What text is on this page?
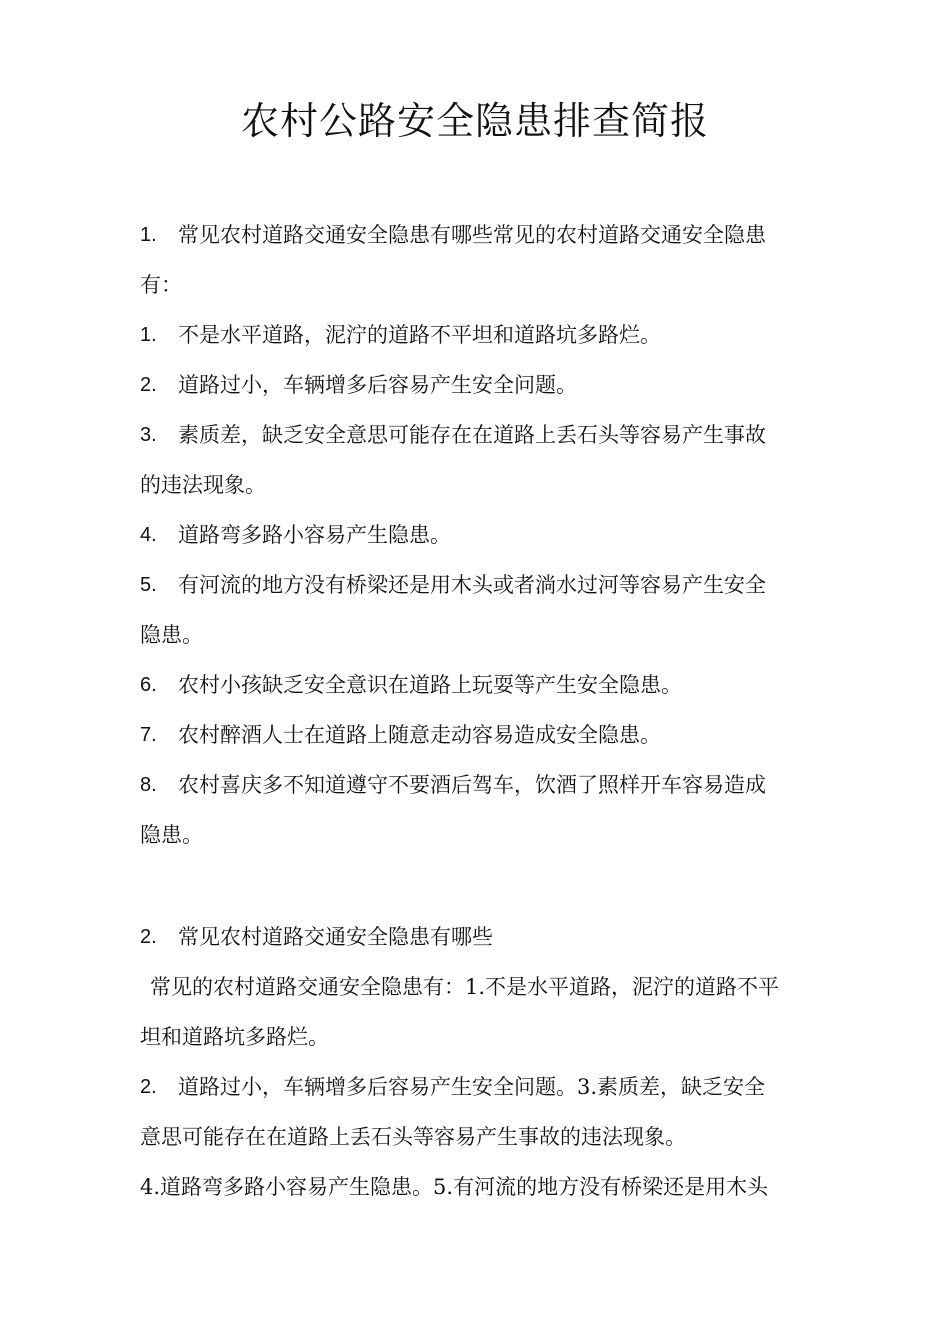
农村公路安全隐患排查简报
1.	常见农村道路交通安全隐患有哪些常见的农村道路交通安全隐患
有：
1.	不是水平道路，泥泞的道路不平坦和道路坑多路烂。
2.	道路过小，车辆增多后容易产生安全问题。
3.	素质差，缺乏安全意思可能存在在道路上丢石头等容易产生事故
的违法现象。
4.	道路弯多路小容易产生隐患。
5.	有河流的地方没有桥梁还是用木头或者淌水过河等容易产生安全
隐患。
6.	农村小孩缺乏安全意识在道路上玩耍等产生安全隐患。
7.	农村醉酒人士在道路上随意走动容易造成安全隐患。
8.	农村喜庆多不知道遵守不要酒后驾车，饮酒了照样开车容易造成
隐患。
2.	常见农村道路交通安全隐患有哪些
常见的农村道路交通安全隐患有：1.不是水平道路，泥泞的道路不平
坦和道路坑多路烂。
2.	道路过小，车辆增多后容易产生安全问题。3.素质差，缺乏安全
意思可能存在在道路上丢石头等容易产生事故的违法现象。
4.道路弯多路小容易产生隐患。5.有河流的地方没有桥梁还是用木头
